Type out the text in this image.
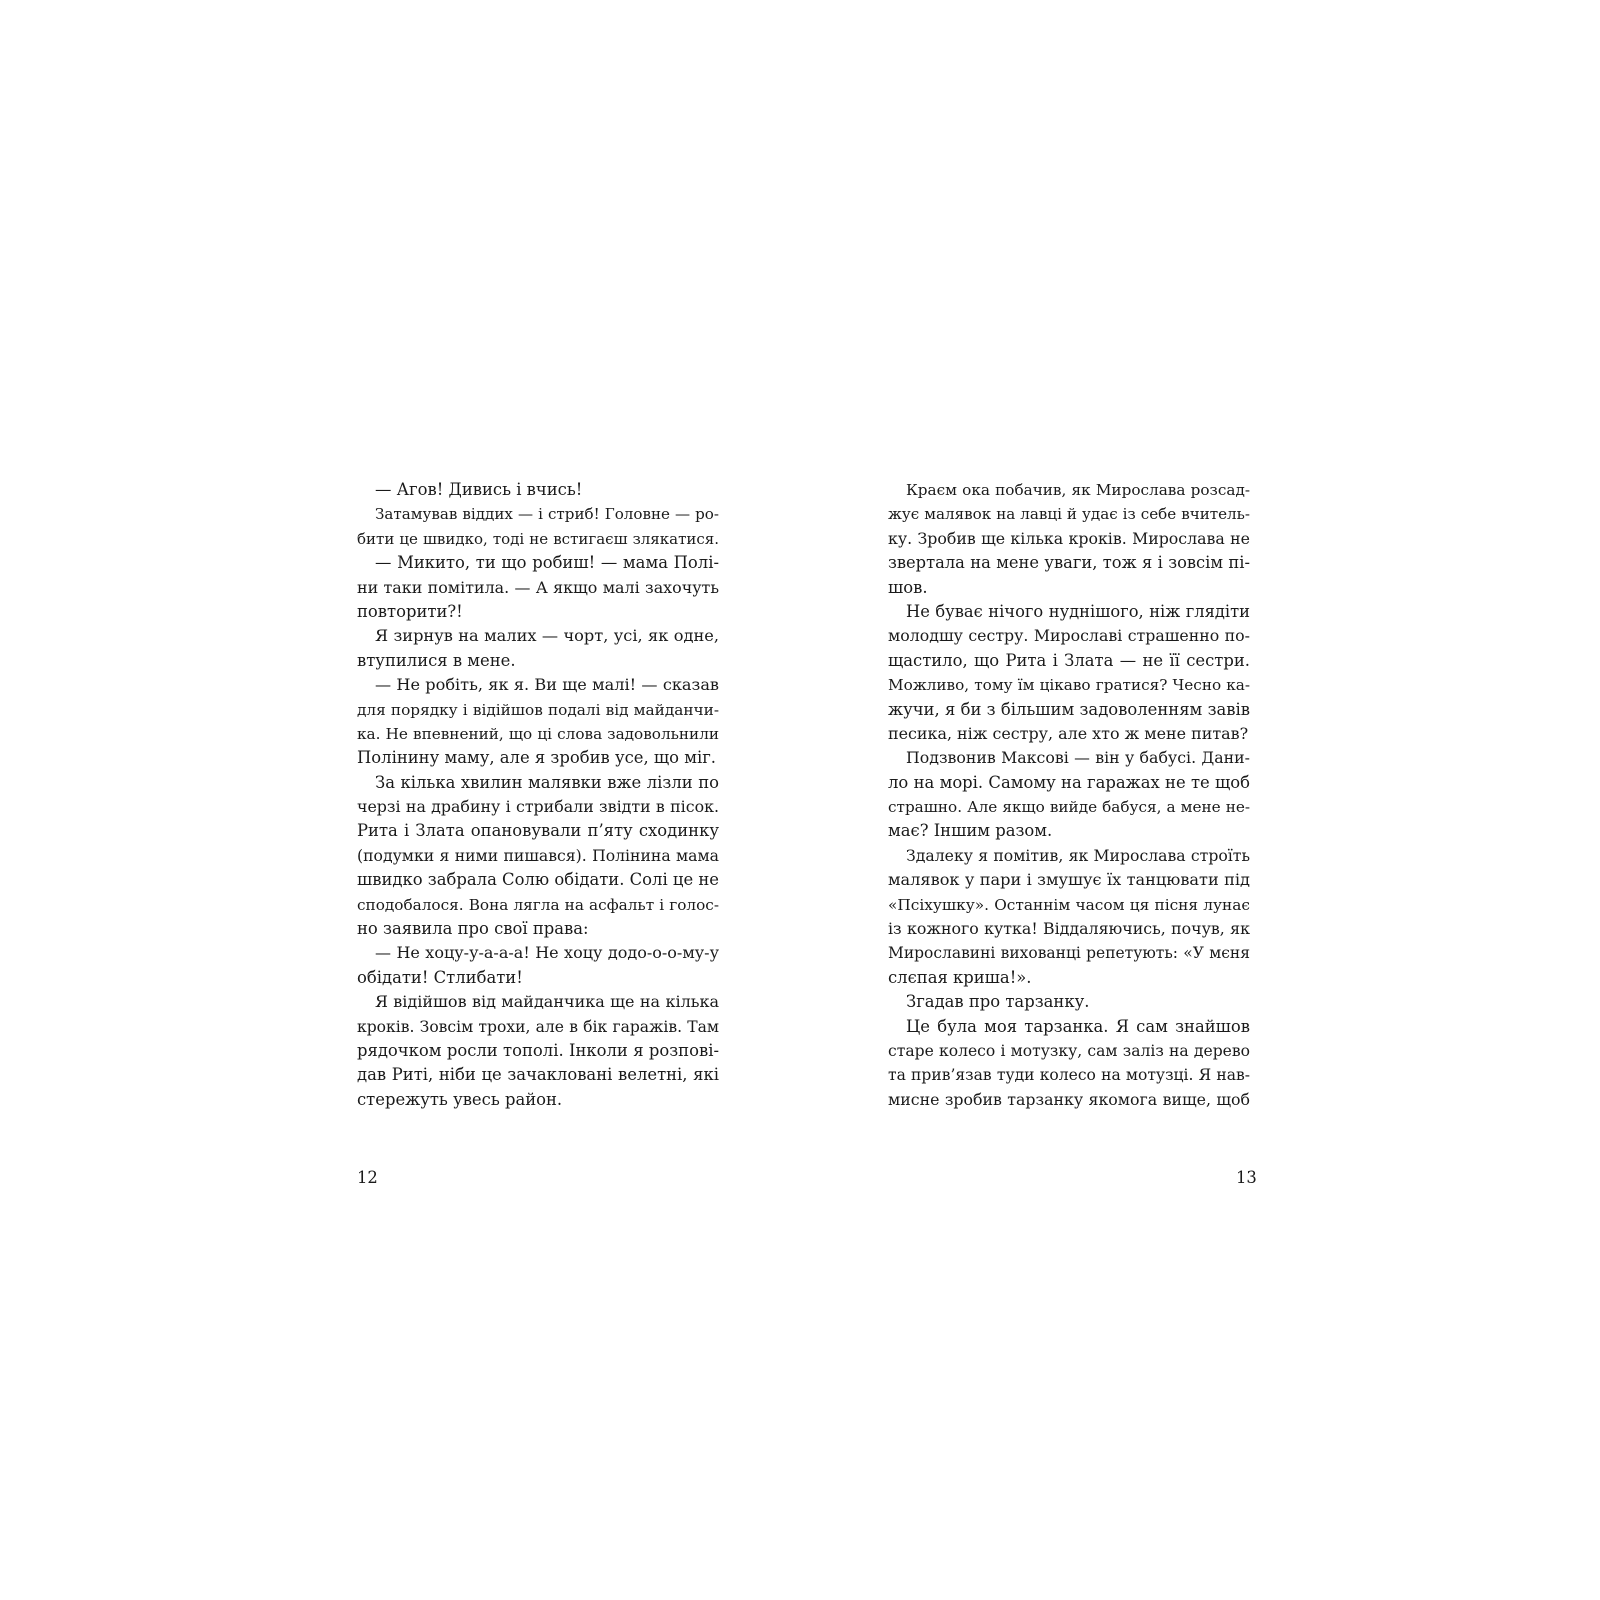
— Агов! Дивись і вчись!
Затамував віддих — і стриб! Головне — ро-
бити це швидко, тоді не встигаєш злякатися.
— Микито, ти що робиш! — мама Полі-
ни таки помітила. — А якщо малі захочуть
повторити?!
Я зирнув на малих — чорт, усі, як одне,
втупилися в мене.
— Не робіть, як я. Ви ще малі! — сказав
для порядку і відійшов подалі від майданчи-
ка. Не впевнений, що ці слова задовольнили
Полінину маму, але я зробив усе, що міг.
За кілька хвилин малявки вже лізли по
черзі на драбину і стрибали звідти в пісок.
Рита і Злата опановували п’яту сходинку
(подумки я ними пишався). Полінина мама
швидко забрала Солю обідати. Солі це не
сподобалося. Вона лягла на асфальт і голос-
но заявила про свої права:
— Не хоцу-у-а-а-а! Не хоцу додо-о-о-му-у
обідати! Стлибати!
Я відійшов від майданчика ще на кілька
кроків. Зовсім трохи, але в бік гаражів. Там
рядочком росли тополі. Інколи я розпові-
дав Риті, ніби це зачакловані велетні, які
стережуть увесь район.
12
Краєм ока побачив, як Мирослава розсад-
жує малявок на лавці й удає із себе вчитель-
ку. Зробив ще кілька кроків. Мирослава не
звертала на мене уваги, тож я і зовсім пі-
шов.
Не буває нічого нуднішого, ніж глядіти
молодшу сестру. Мирославі страшенно по-
щастило, що Рита і Злата — не її сестри.
Можливо, тому їм цікаво гратися? Чесно ка-
жучи, я би з більшим задоволенням завів
песика, ніж сестру, але хто ж мене питав?
Подзвонив Максові — він у бабусі. Дани-
ло на морі. Самому на гаражах не те щоб
страшно. Але якщо вийде бабуся, а мене не-
має? Іншим разом.
Здалеку я помітив, як Мирослава строїть
малявок у пари і змушує їх танцювати під
«Псіхушку». Останнім часом ця пісня лунає
із кожного кутка! Віддаляючись, почув, як
Мирославині вихованці репетують: «У мєня
слєпая криша!».
Згадав про тарзанку.
Це була моя тарзанка. Я сам знайшов
старе колесо і мотузку, сам заліз на дерево
та прив’язав туди колесо на мотузці. Я нав-
мисне зробив тарзанку якомога вище, щоб
13
